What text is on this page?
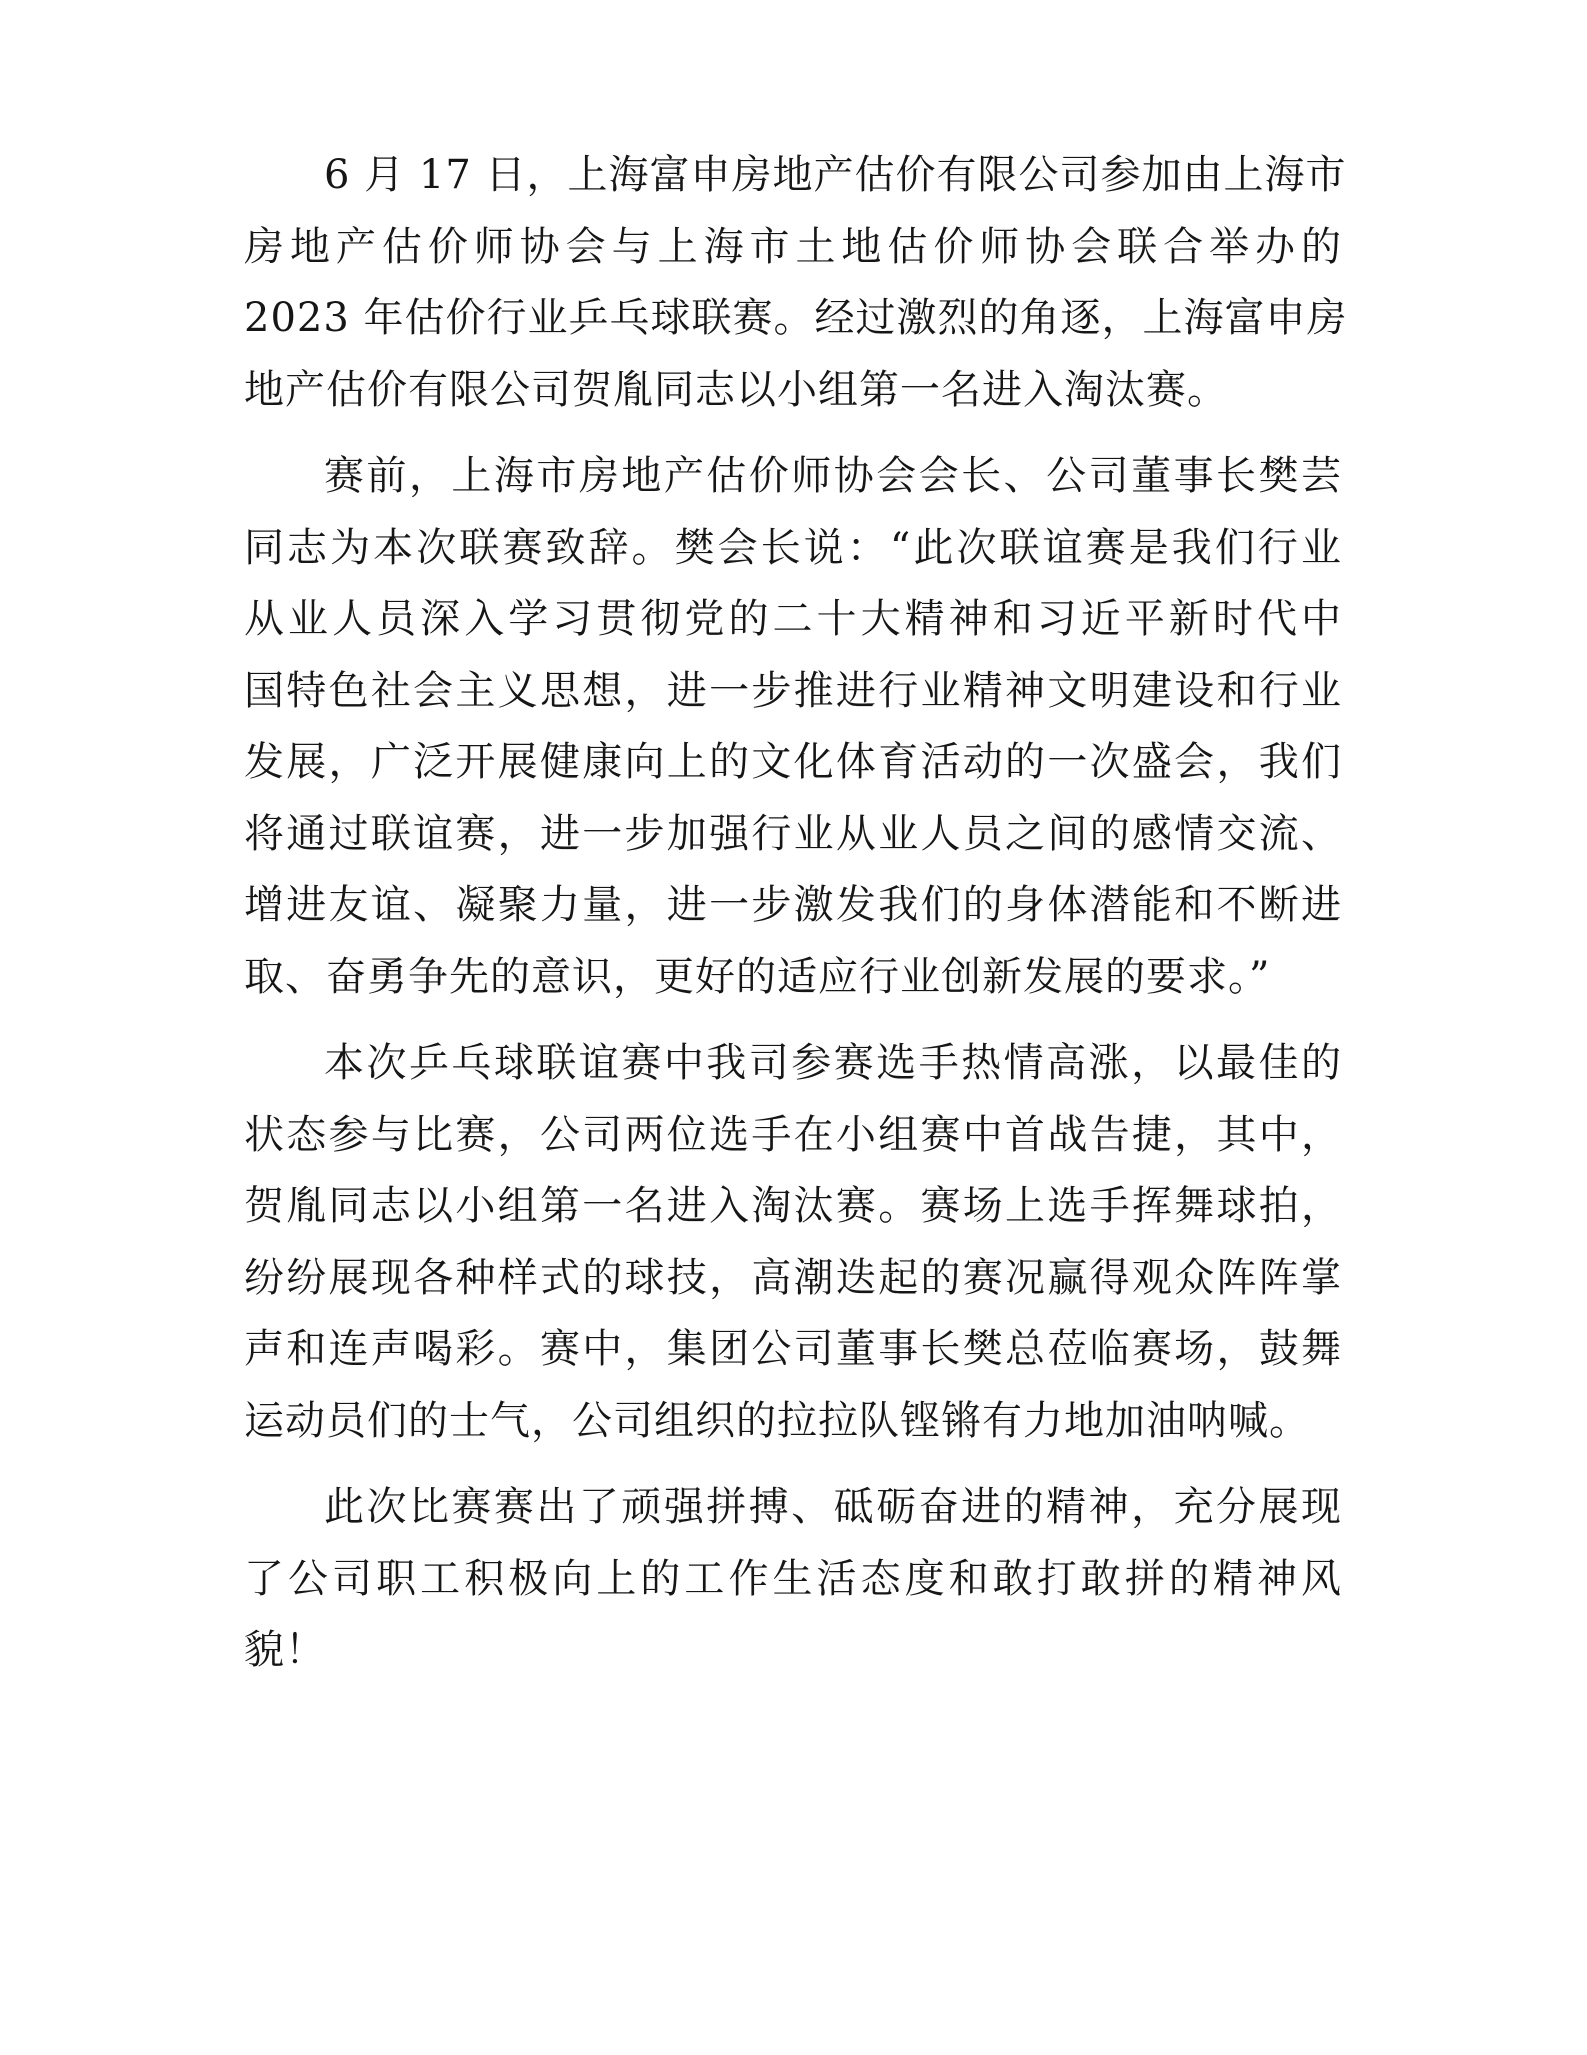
6 月 17 日，上海富申房地产估价有限公司参加由上海市
房地产估价师协会与上海市土地估价师协会联合举办的
2023 年估价行业乒乓球联赛。经过激烈的角逐，上海富申房
地产估价有限公司贺胤同志以小组第一名进入淘汰赛。

赛前，上海市房地产估价师协会会长、公司董事长樊芸
同志为本次联赛致辞。樊会长说：“此次联谊赛是我们行业
从业人员深入学习贯彻党的二十大精神和习近平新时代中
国特色社会主义思想，进一步推进行业精神文明建设和行业
发展，广泛开展健康向上的文化体育活动的一次盛会，我们
将通过联谊赛，进一步加强行业从业人员之间的感情交流、
增进友谊、凝聚力量，进一步激发我们的身体潜能和不断进
取、奋勇争先的意识，更好的适应行业创新发展的要求。”

本次乒乓球联谊赛中我司参赛选手热情高涨，以最佳的
状态参与比赛，公司两位选手在小组赛中首战告捷，其中，
贺胤同志以小组第一名进入淘汰赛。赛场上选手挥舞球拍，
纷纷展现各种样式的球技，高潮迭起的赛况赢得观众阵阵掌
声和连声喝彩。赛中，集团公司董事长樊总莅临赛场，鼓舞
运动员们的士气，公司组织的拉拉队铿锵有力地加油呐喊。

此次比赛赛出了顽强拼搏、砥砺奋进的精神，充分展现
了公司职工积极向上的工作生活态度和敢打敢拼的精神风
貌！
